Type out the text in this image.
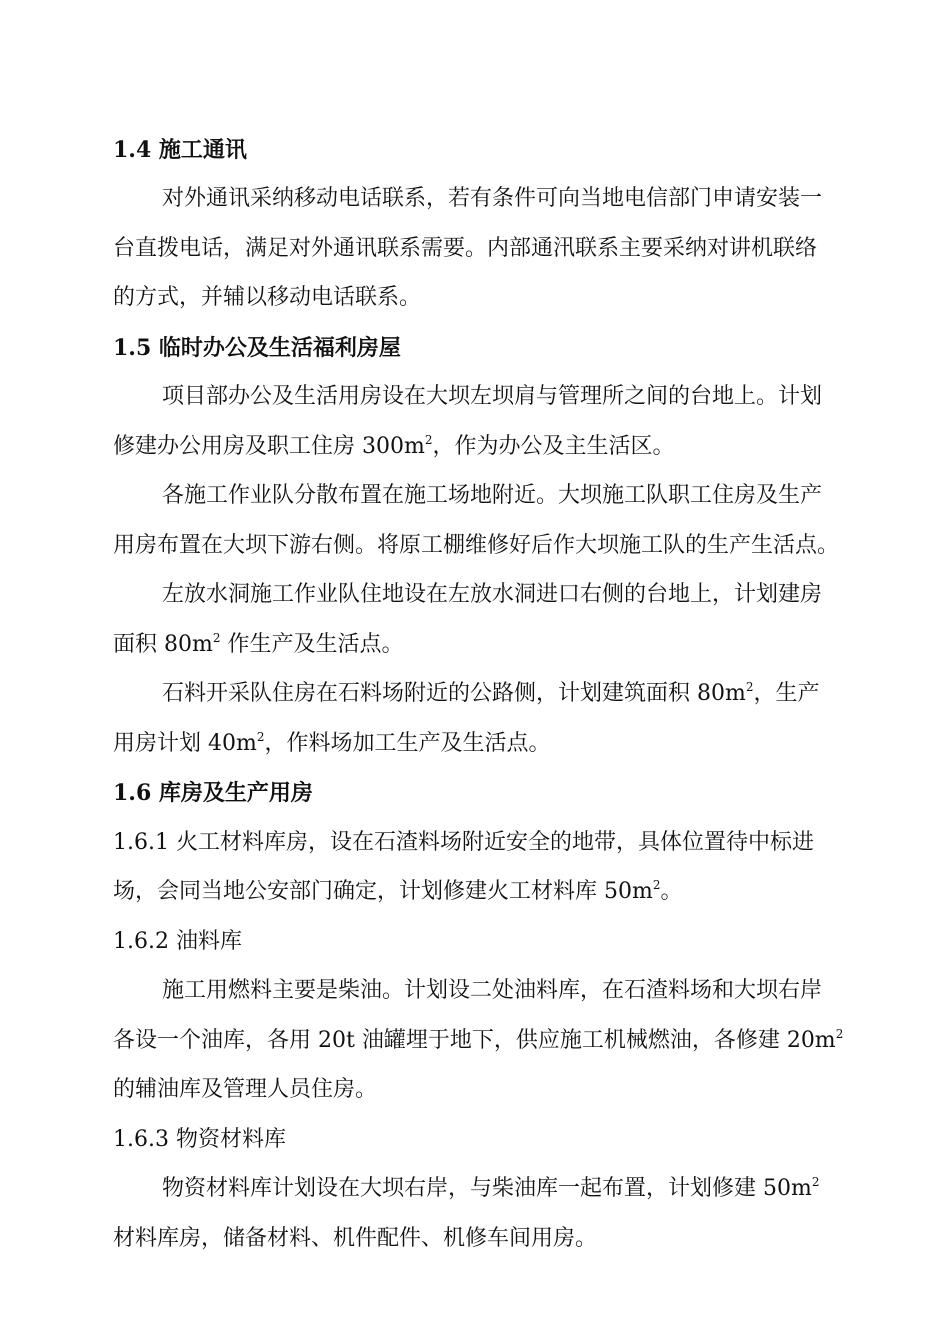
1.4 施工通讯
对外通讯采纳移动电话联系，若有条件可向当地电信部门申请安装一
台直拨电话，满足对外通讯联系需要。内部通汛联系主要采纳对讲机联络
的方式，并辅以移动电话联系。
1.5 临时办公及生活福利房屋
项目部办公及生活用房设在大坝左坝肩与管理所之间的台地上。计划
修建办公用房及职工住房 $300m^2$，作为办公及主生活区。
各施工作业队分散布置在施工场地附近。大坝施工队职工住房及生产
用房布置在大坝下游右侧。将原工棚维修好后作大坝施工队的生产生活点。
左放水洞施工作业队住地设在左放水洞进口右侧的台地上，计划建房
面积 $80m^2$ 作生产及生活点。
石料开采队住房在石料场附近的公路侧，计划建筑面积 $80m^2$，生产
用房计划 $40m^2$，作料场加工生产及生活点。
1.6 库房及生产用房
1.6.1 火工材料库房，设在石渣料场附近安全的地带，具体位置待中标进
场，会同当地公安部门确定，计划修建火工材料库 $50m^2$。
1.6.2 油料库
施工用燃料主要是柴油。计划设二处油料库，在石渣料场和大坝右岸
各设一个油库，各用 20t 油罐埋于地下，供应施工机械燃油，各修建 $20m^2$
的辅油库及管理人员住房。
1.6.3 物资材料库
物资材料库计划设在大坝右岸，与柴油库一起布置，计划修建 $50m^2$
材料库房，储备材料、机件配件、机修车间用房。
